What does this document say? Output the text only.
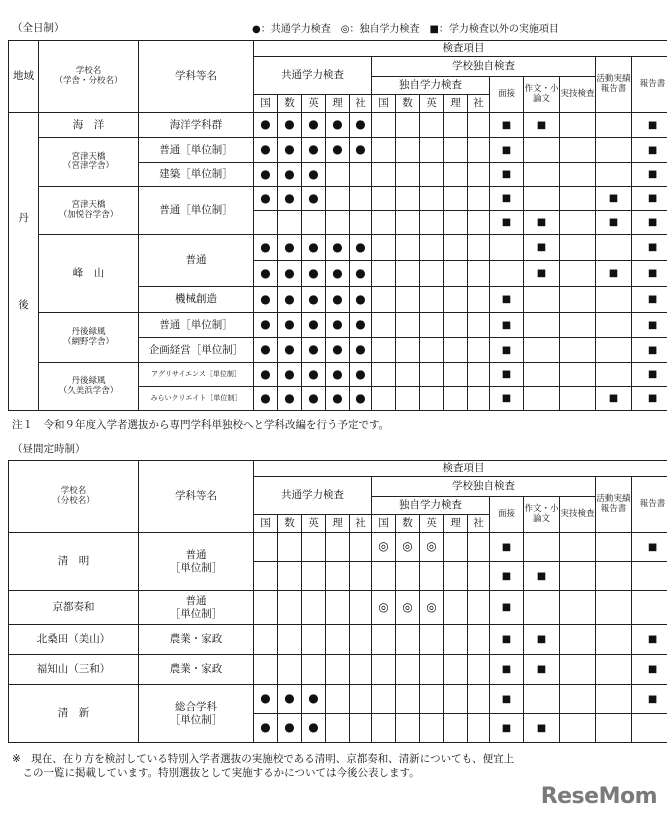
（全日制）	●：共通学力検査　◎：独自学力検査　■：学力検査以外の実施項目
地域	学校名
（学舎・分校名）	学科等名	検査項目														
			共通学力検査					学校独自検査								活動実績報告書	報告書
								独自学力検査					面接	作文・小論文	実技検査		
			国	数	英	理	社	国	数	英	理	社					

丹
後	海　洋	海洋学科群	●	●	●	●	●						■	■			■
	宮津天橋
（宮津学舎）	普通［単位制］	●	●	●	●	●						■				■
		建築［単位制］	●	●	●								■				■
	宮津天橋
（加悦谷学舎）	普通［単位制］	●	●	●								■			■	■
													■	■		■	■
	峰　山	普通	●	●	●	●	●							■			■
			●	●	●	●	●							■		■	■
		機械創造	●	●	●	●	●						■				■
	丹後緑風
（網野学舎）	普通［単位制］	●	●	●	●	●						■				■
		企画経営［単位制］	●	●	●	●	●						■				■
	丹後緑風
（久美浜学舎）	アグリサイエンス［単位制］	●	●	●	●	●						■				■
		みらいクリエイト［単位制］	●	●	●	●	●						■			■	■
注１　令和９年度入学者選抜から専門学科単独校へと学科改編を行う予定です。
（昼間定時制）
学校名
（分校名）	学科等名	検査項目														
		共通学力検査					学校独自検査								活動実績報告書	報告書
							独自学力検査					面接	作文・小論文	実技検査		
		国	数	英	理	社	国	数	英	理	社					
清　明	普通
［単位制］						◎	◎	◎			■				■
												■	■			
京都奏和	普通
［単位制］						◎	◎	◎			■				
北桑田（美山）	農業・家政											■	■			■
福知山（三和）	農業・家政											■	■			■
清　新	総合学科
［単位制］	●	●	●								■				■
		●	●	●								■	■			
※　現在、在り方を検討している特別入学者選抜の実施校である清明、京都奏和、清新についても、便宜上
　この一覧に掲載しています。特別選抜として実施するかについては今後公表します。
ReseMom
